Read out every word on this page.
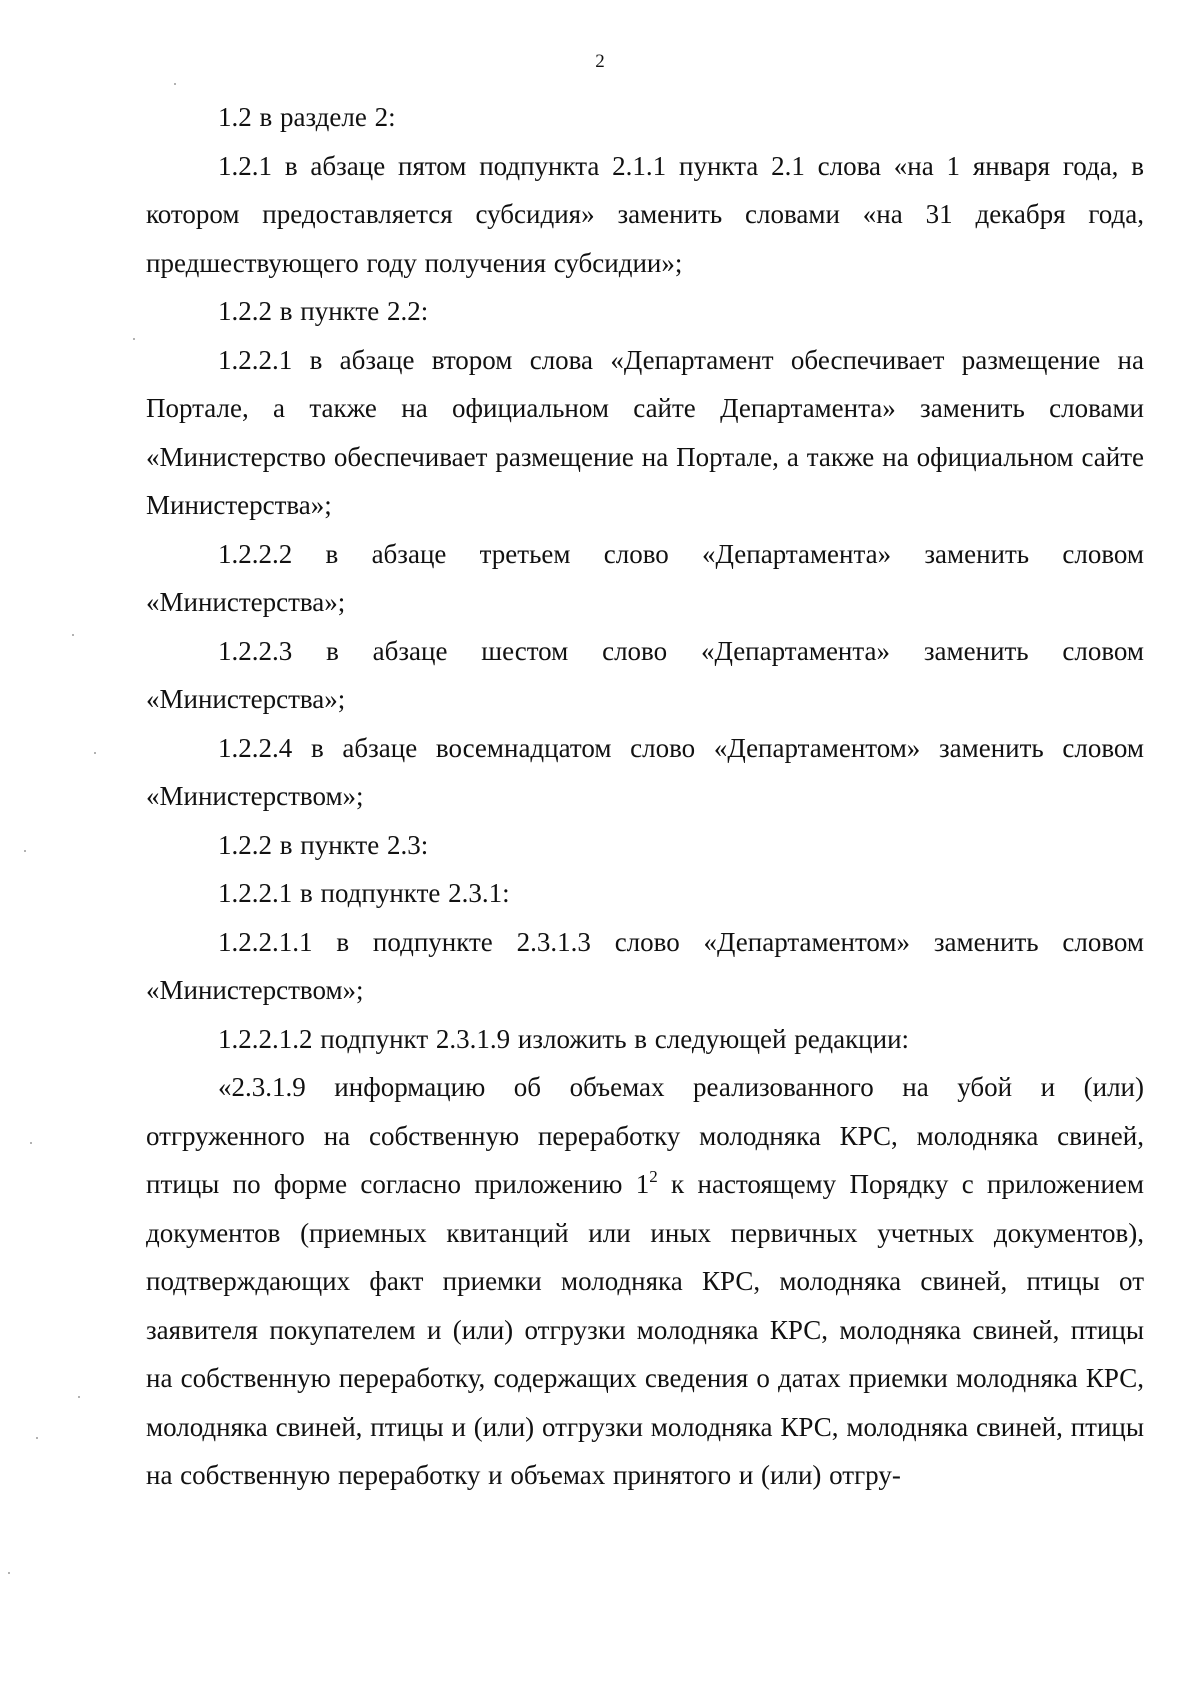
2

1.2 в разделе 2:

1.2.1 в абзаце пятом подпункта 2.1.1 пункта 2.1 слова «на 1 января года, в котором предоставляется субсидия» заменить словами «на 31 декабря года, предшествующего году получения субсидии»;

1.2.2 в пункте 2.2:

1.2.2.1 в абзаце втором слова «Департамент обеспечивает размещение на Портале, а также на официальном сайте Департамента» заменить словами «Министерство обеспечивает размещение на Портале, а также на официальном сайте Министерства»;

1.2.2.2 в абзаце третьем слово «Департамента» заменить словом «Министерства»;

1.2.2.3 в абзаце шестом слово «Департамента» заменить словом «Министерства»;

1.2.2.4 в абзаце восемнадцатом слово «Департаментом» заменить словом «Министерством»;

1.2.2 в пункте 2.3:

1.2.2.1 в подпункте 2.3.1:

1.2.2.1.1 в подпункте 2.3.1.3 слово «Департаментом» заменить словом «Министерством»;

1.2.2.1.2 подпункт 2.3.1.9 изложить в следующей редакции:

«2.3.1.9 информацию об объемах реализованного на убой и (или) отгруженного на собственную переработку молодняка КРС, молодняка свиней, птицы по форме согласно приложению $1^2$ к настоящему Порядку с приложением документов (приемных квитанций или иных первичных учетных документов), подтверждающих факт приемки молодняка КРС, молодняка свиней, птицы от заявителя покупателем и (или) отгрузки молодняка КРС, молодняка свиней, птицы на собственную переработку, содержащих сведения о датах приемки молодняка КРС, молодняка свиней, птицы и (или) отгрузки молодняка КРС, молодняка свиней, птицы на собственную переработку и объемах принятого и (или) отгру-
